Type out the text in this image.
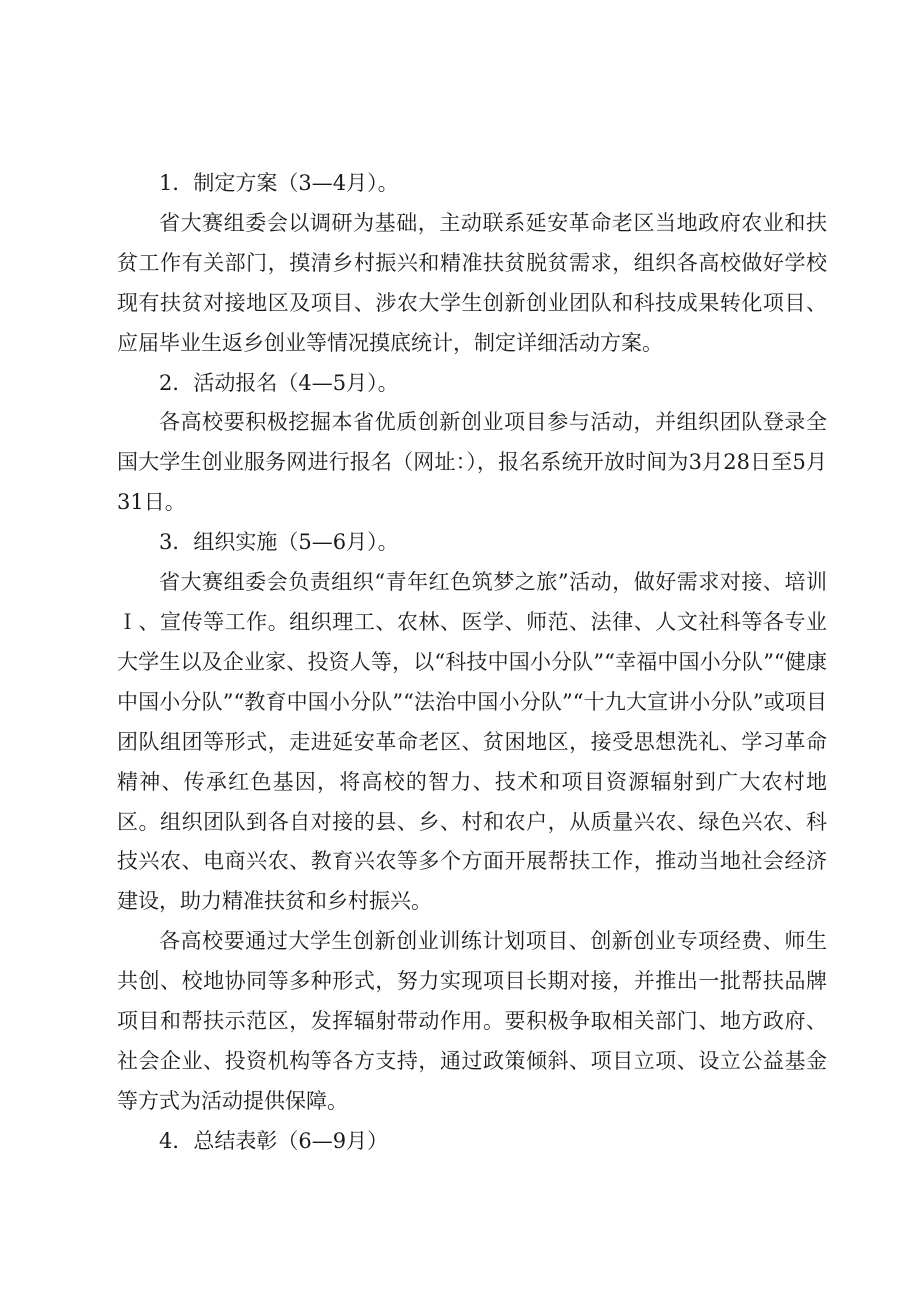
1．制定方案（3—4月）。

省大赛组委会以调研为基础，主动联系延安革命老区当地政府农业和扶贫工作有关部门，摸清乡村振兴和精准扶贫脱贫需求，组织各高校做好学校现有扶贫对接地区及项目、涉农大学生创新创业团队和科技成果转化项目、应届毕业生返乡创业等情况摸底统计，制定详细活动方案。

2．活动报名（4—5月）。

各高校要积极挖掘本省优质创新创业项目参与活动，并组织团队登录全国大学生创业服务网进行报名（网址：），报名系统开放时间为3月28日至5月31日。

3．组织实施（5—6月）。

省大赛组委会负责组织“青年红色筑梦之旅”活动，做好需求对接、培训Ｉ、宣传等工作。组织理工、农林、医学、师范、法律、人文社科等各专业大学生以及企业家、投资人等，以“科技中国小分队”“幸福中国小分队”“健康中国小分队”“教育中国小分队”“法治中国小分队”“十九大宣讲小分队”或项目团队组团等形式，走进延安革命老区、贫困地区，接受思想洗礼、学习革命精神、传承红色基因，将高校的智力、技术和项目资源辐射到广大农村地区。组织团队到各自对接的县、乡、村和农户，从质量兴农、绿色兴农、科技兴农、电商兴农、教育兴农等多个方面开展帮扶工作，推动当地社会经济建设，助力精准扶贫和乡村振兴。

各高校要通过大学生创新创业训练计划项目、创新创业专项经费、师生共创、校地协同等多种形式，努力实现项目长期对接，并推出一批帮扶品牌项目和帮扶示范区，发挥辐射带动作用。要积极争取相关部门、地方政府、社会企业、投资机构等各方支持，通过政策倾斜、项目立项、设立公益基金等方式为活动提供保障。

4．总结表彰（6—9月）
